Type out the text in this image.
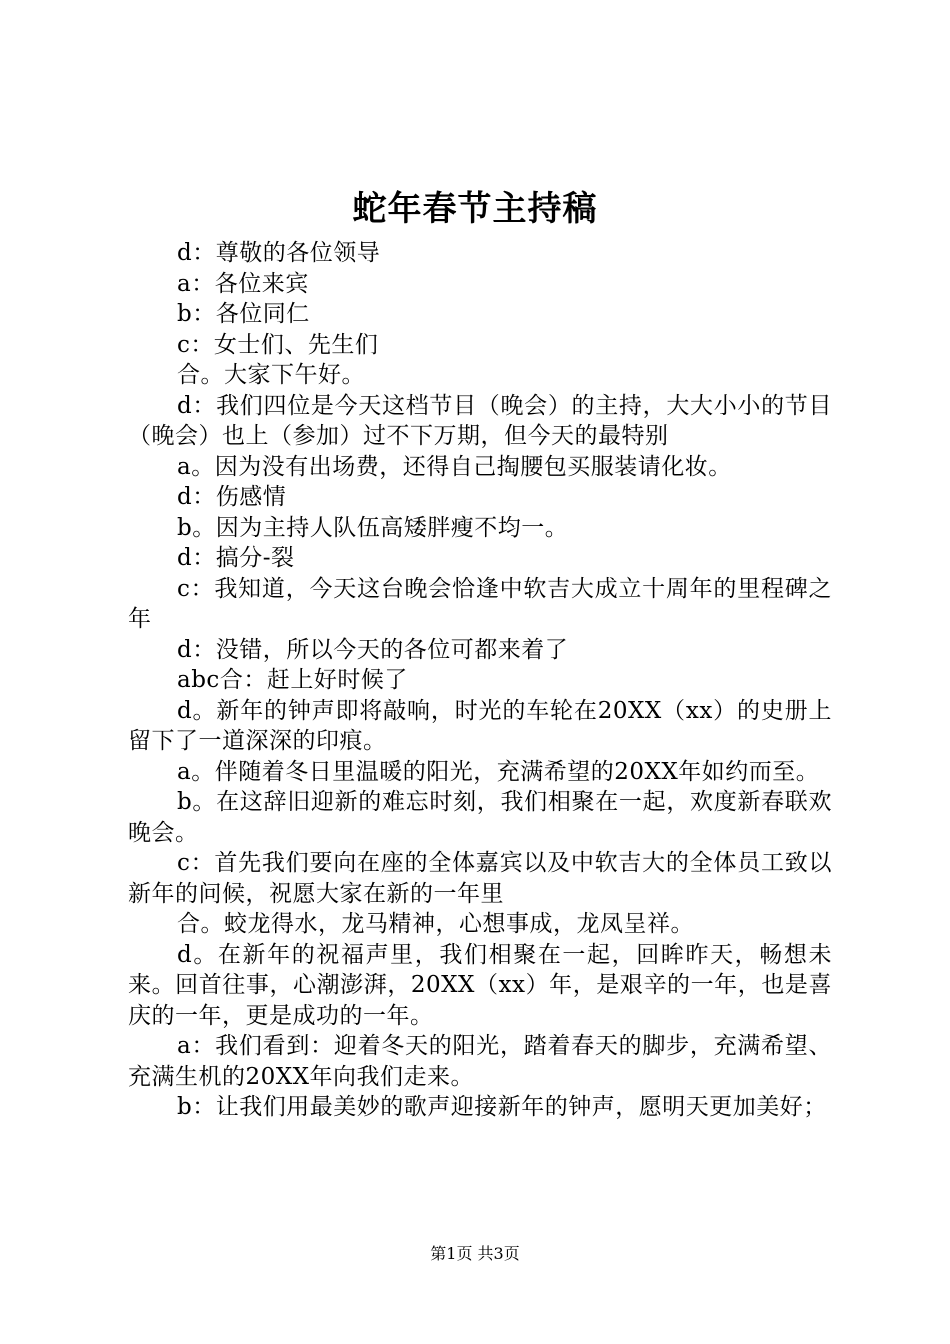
蛇年春节主持稿

d：尊敬的各位领导

a：各位来宾

b：各位同仁

c：女士们、先生们

合。大家下午好。

d：我们四位是今天这档节目（晚会）的主持，大大小小的节目（晚会）也上（参加）过不下万期，但今天的最特别

a。因为没有出场费，还得自己掏腰包买服装请化妆。

d：伤感情

b。因为主持人队伍高矮胖瘦不均一。

d：搞分-裂

c：我知道，今天这台晚会恰逢中软吉大成立十周年的里程碑之年

d：没错，所以今天的各位可都来着了

abc合：赶上好时候了

d。新年的钟声即将敲响，时光的车轮在20XX（xx）的史册上留下了一道深深的印痕。

a。伴随着冬日里温暖的阳光，充满希望的20XX年如约而至。

b。在这辞旧迎新的难忘时刻，我们相聚在一起，欢度新春联欢晚会。

c：首先我们要向在座的全体嘉宾以及中软吉大的全体员工致以新年的问候，祝愿大家在新的一年里

合。蛟龙得水，龙马精神，心想事成，龙凤呈祥。

d。在新年的祝福声里，我们相聚在一起，回眸昨天，畅想未来。回首往事，心潮澎湃，20XX（xx）年，是艰辛的一年，也是喜庆的一年，更是成功的一年。

a：我们看到：迎着冬天的阳光，踏着春天的脚步，充满希望、充满生机的20XX年向我们走来。

b：让我们用最美妙的歌声迎接新年的钟声，愿明天更加美好；

第1页 共3页
